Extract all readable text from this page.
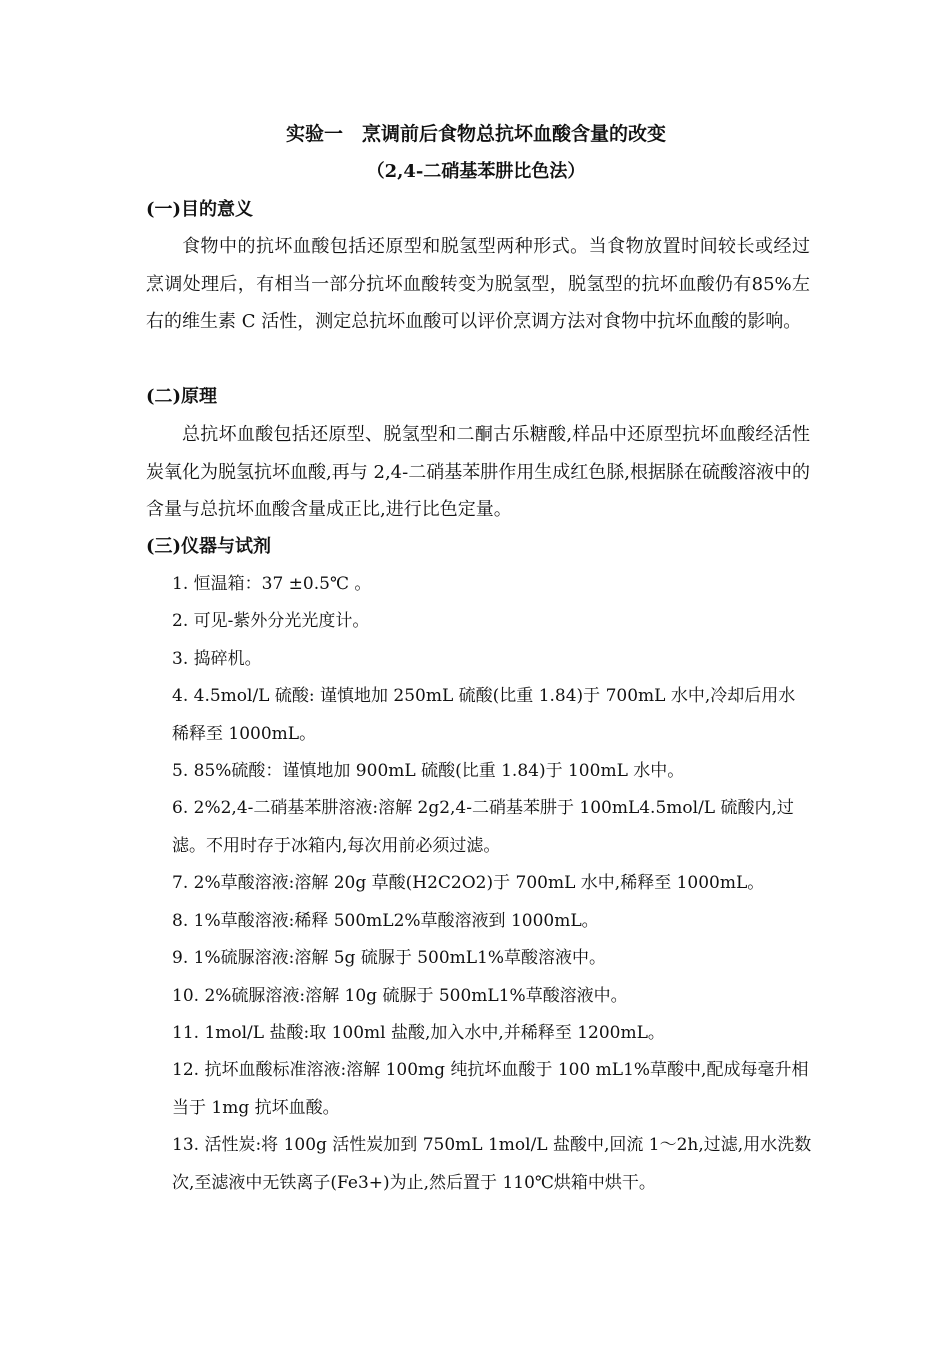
实验一　烹调前后食物总抗坏血酸含量的改变
（2,4-二硝基苯肼比色法）
(一)目的意义
食物中的抗坏血酸包括还原型和脱氢型两种形式。当食物放置时间较长或经过烹调处理后，有相当一部分抗坏血酸转变为脱氢型，脱氢型的抗坏血酸仍有85%左右的维生素 C 活性，测定总抗坏血酸可以评价烹调方法对食物中抗坏血酸的影响。
(二)原理
总抗坏血酸包括还原型、脱氢型和二酮古乐糖酸,样品中还原型抗坏血酸经活性炭氧化为脱氢抗坏血酸,再与 2,4-二硝基苯肼作用生成红色脎,根据脎在硫酸溶液中的含量与总抗坏血酸含量成正比,进行比色定量。
(三)仪器与试剂
1. 恒温箱：37 ±0.5℃ 。
2. 可见-紫外分光光度计。
3. 捣碎机。
4. 4.5mol/L 硫酸: 谨慎地加 250mL 硫酸(比重 1.84)于 700mL 水中,冷却后用水稀释至 1000mL。
5. 85%硫酸：谨慎地加 900mL 硫酸(比重 1.84)于 100mL 水中。
6. 2%2,4-二硝基苯肼溶液:溶解 2g2,4-二硝基苯肼于 100mL4.5mol/L 硫酸内,过滤。不用时存于冰箱内,每次用前必须过滤。
7. 2%草酸溶液:溶解 20g 草酸(H2C2O2)于 700mL 水中,稀释至 1000mL。
8. 1%草酸溶液:稀释 500mL2%草酸溶液到 1000mL。
9. 1%硫脲溶液:溶解 5g 硫脲于 500mL1%草酸溶液中。
10. 2%硫脲溶液:溶解 10g 硫脲于 500mL1%草酸溶液中。
11. 1mol/L 盐酸:取 100ml 盐酸,加入水中,并稀释至 1200mL。
12. 抗坏血酸标准溶液:溶解 100mg 纯抗坏血酸于 100 mL1%草酸中,配成每毫升相当于 1mg 抗坏血酸。
13. 活性炭:将 100g 活性炭加到 750mL 1mol/L 盐酸中,回流 1～2h,过滤,用水洗数次,至滤液中无铁离子(Fe3+)为止,然后置于 110℃烘箱中烘干。
